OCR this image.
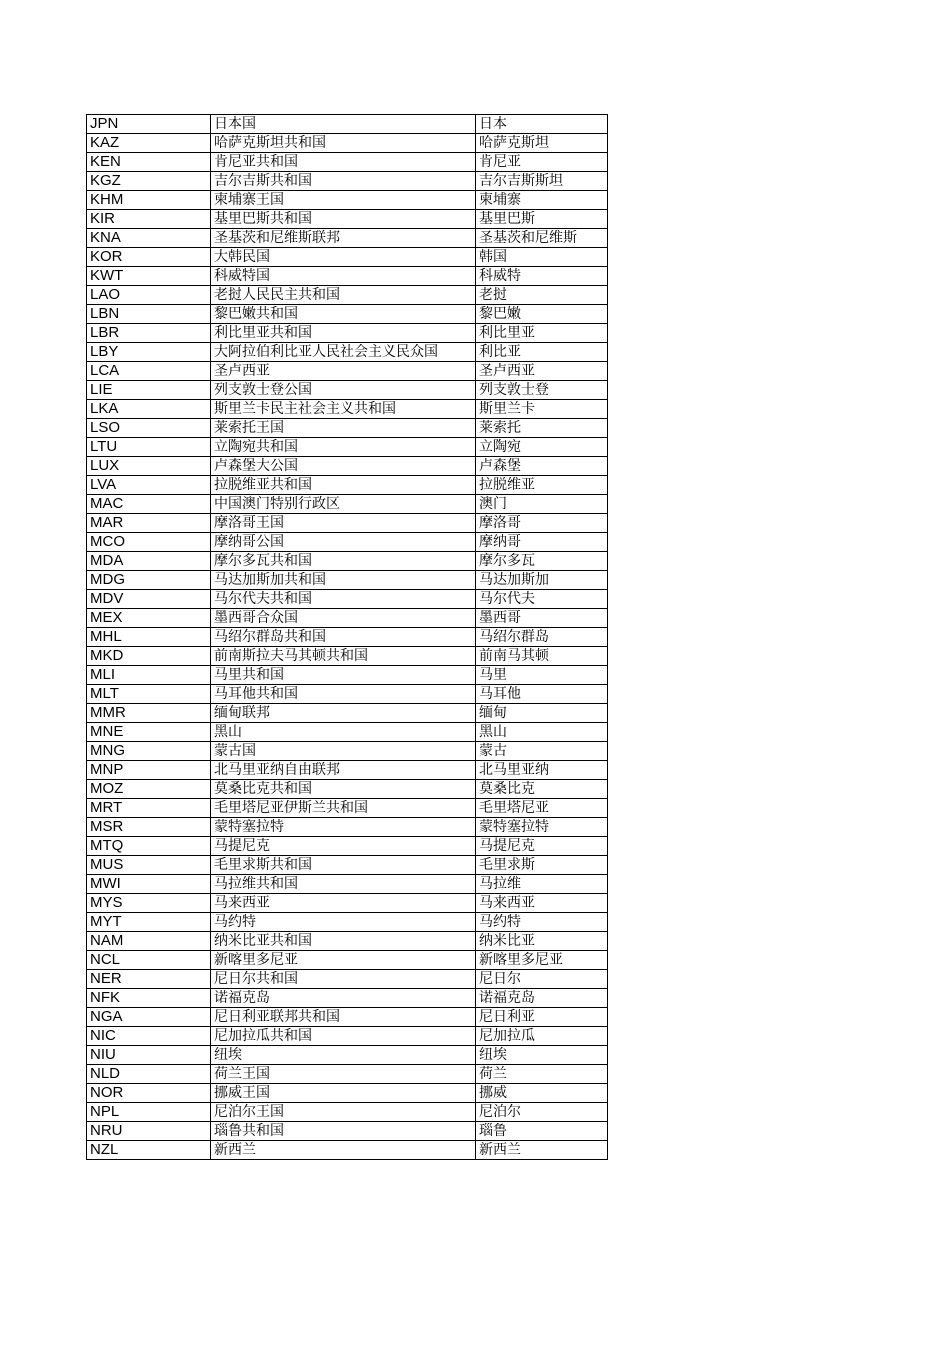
JPN	日本国	日本
KAZ	哈萨克斯坦共和国	哈萨克斯坦
KEN	肯尼亚共和国	肯尼亚
KGZ	吉尔吉斯共和国	吉尔吉斯斯坦
KHM	柬埔寨王国	柬埔寨
KIR	基里巴斯共和国	基里巴斯
KNA	圣基茨和尼维斯联邦	圣基茨和尼维斯
KOR	大韩民国	韩国
KWT	科威特国	科威特
LAO	老挝人民民主共和国	老挝
LBN	黎巴嫩共和国	黎巴嫩
LBR	利比里亚共和国	利比里亚
LBY	大阿拉伯利比亚人民社会主义民众国	利比亚
LCA	圣卢西亚	圣卢西亚
LIE	列支敦士登公国	列支敦士登
LKA	斯里兰卡民主社会主义共和国	斯里兰卡
LSO	莱索托王国	莱索托
LTU	立陶宛共和国	立陶宛
LUX	卢森堡大公国	卢森堡
LVA	拉脱维亚共和国	拉脱维亚
MAC	中国澳门特别行政区	澳门
MAR	摩洛哥王国	摩洛哥
MCO	摩纳哥公国	摩纳哥
MDA	摩尔多瓦共和国	摩尔多瓦
MDG	马达加斯加共和国	马达加斯加
MDV	马尔代夫共和国	马尔代夫
MEX	墨西哥合众国	墨西哥
MHL	马绍尔群岛共和国	马绍尔群岛
MKD	前南斯拉夫马其顿共和国	前南马其顿
MLI	马里共和国	马里
MLT	马耳他共和国	马耳他
MMR	缅甸联邦	缅甸
MNE	黑山	黑山
MNG	蒙古国	蒙古
MNP	北马里亚纳自由联邦	北马里亚纳
MOZ	莫桑比克共和国	莫桑比克
MRT	毛里塔尼亚伊斯兰共和国	毛里塔尼亚
MSR	蒙特塞拉特	蒙特塞拉特
MTQ	马提尼克	马提尼克
MUS	毛里求斯共和国	毛里求斯
MWI	马拉维共和国	马拉维
MYS	马来西亚	马来西亚
MYT	马约特	马约特
NAM	纳米比亚共和国	纳米比亚
NCL	新喀里多尼亚	新喀里多尼亚
NER	尼日尔共和国	尼日尔
NFK	诺福克岛	诺福克岛
NGA	尼日利亚联邦共和国	尼日利亚
NIC	尼加拉瓜共和国	尼加拉瓜
NIU	纽埃	纽埃
NLD	荷兰王国	荷兰
NOR	挪威王国	挪威
NPL	尼泊尔王国	尼泊尔
NRU	瑙鲁共和国	瑙鲁
NZL	新西兰	新西兰
